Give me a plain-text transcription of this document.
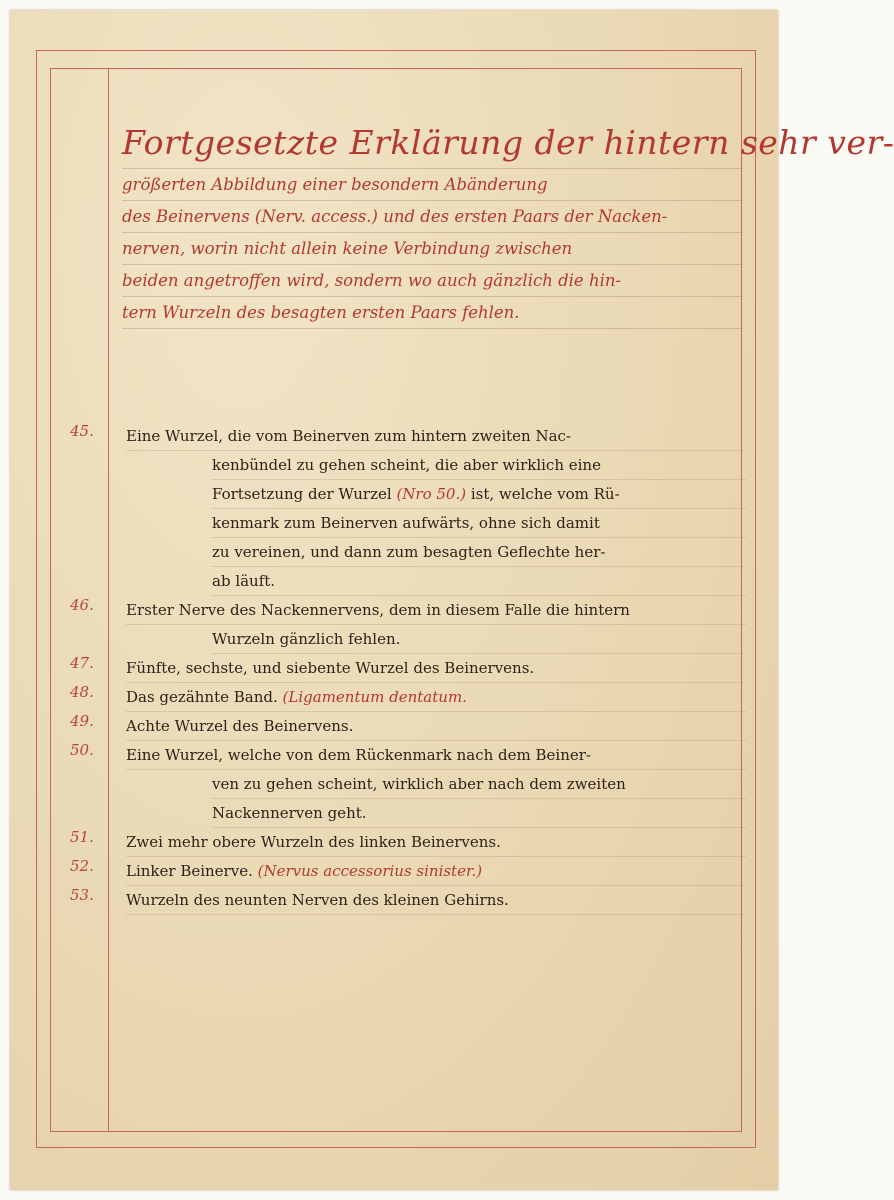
Fortgesetzte Erklärung der hintern sehr ver-
größerten Abbildung einer besondern Abänderung
des Beinervens (Nerv. access.) und des ersten Paars der Nacken-
nerven, worin nicht allein keine Verbindung zwischen
beiden angetroffen wird, sondern wo auch gänzlich die hin-
tern Wurzeln des besagten ersten Paars fehlen.
45.	Eine Wurzel, die vom Beinerven zum hintern zweiten Nac-
kenbündel zu gehen scheint, die aber wirklich eine
Fortsetzung der Wurzel (Nro 50.) ist, welche vom Rü-
kenmark zum Beinerven aufwärts, ohne sich damit
zu vereinen, und dann zum besagten Geflechte her-
ab läuft.
46.	Erster Nerve des Nackennervens, dem in diesem Falle die hintern
Wurzeln gänzlich fehlen.
47.	Fünfte, sechste, und siebente Wurzel des Beinervens.
48.	Das gezähnte Band. (Ligamentum dentatum.
49.	Achte Wurzel des Beinervens.
50.	Eine Wurzel, welche von dem Rückenmark nach dem Beiner-
ven zu gehen scheint, wirklich aber nach dem zweiten
Nackennerven geht.
51.	Zwei mehr obere Wurzeln des linken Beinervens.
52.	Linker Beinerve. (Nervus accessorius sinister.)
53.	Wurzeln des neunten Nerven des kleinen Gehirns.
